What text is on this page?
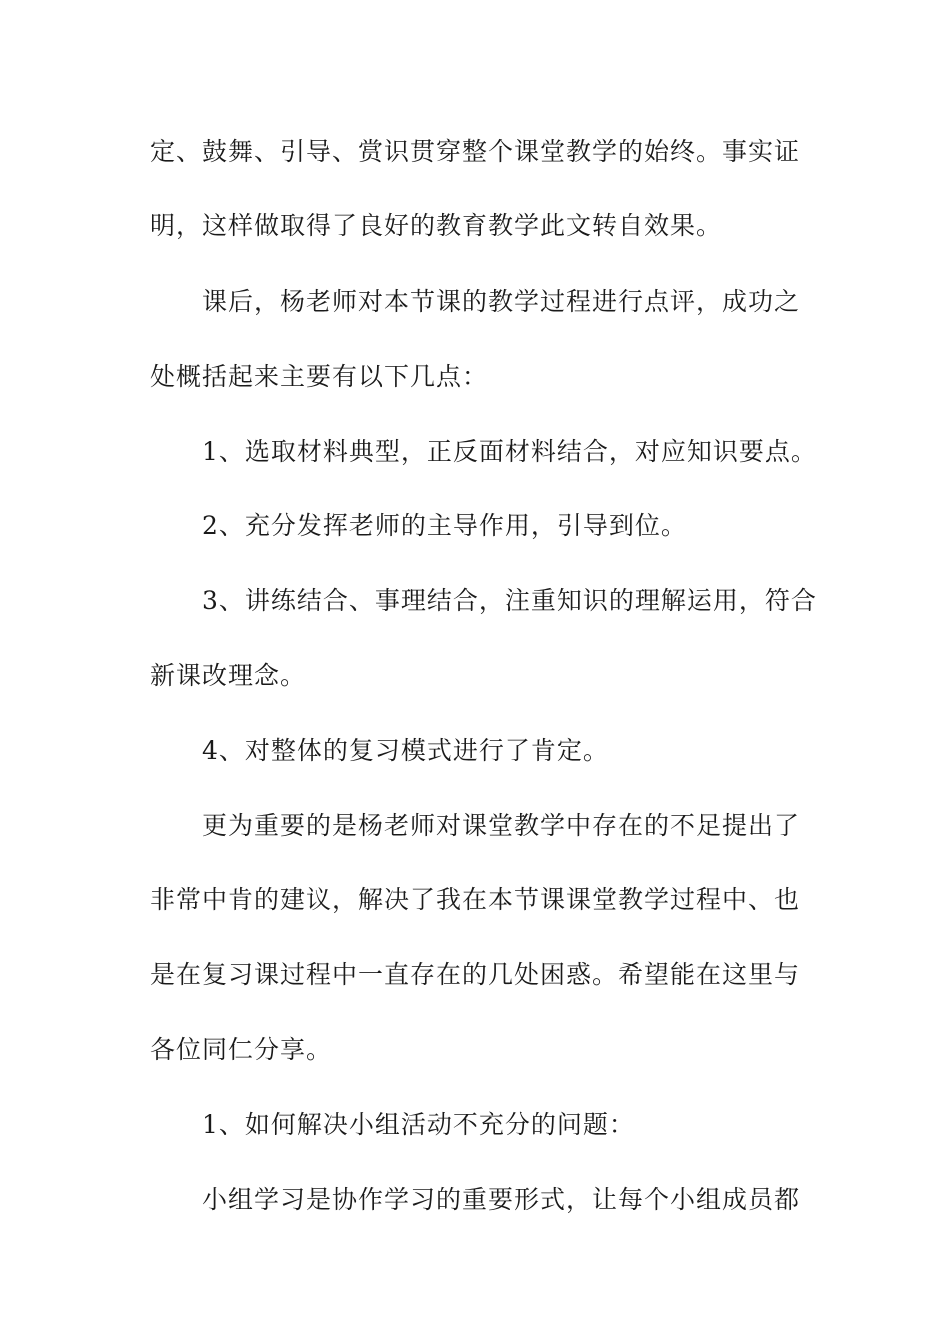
定、鼓舞、引导、赏识贯穿整个课堂教学的始终。事实证
明，这样做取得了良好的教育教学此文转自效果。
课后，杨老师对本节课的教学过程进行点评，成功之
处概括起来主要有以下几点：
1、选取材料典型，正反面材料结合，对应知识要点。
2、充分发挥老师的主导作用，引导到位。
3、讲练结合、事理结合，注重知识的理解运用，符合
新课改理念。
4、对整体的复习模式进行了肯定。
更为重要的是杨老师对课堂教学中存在的不足提出了
非常中肯的建议，解决了我在本节课课堂教学过程中、也
是在复习课过程中一直存在的几处困惑。希望能在这里与
各位同仁分享。
1、如何解决小组活动不充分的问题：
小组学习是协作学习的重要形式，让每个小组成员都
